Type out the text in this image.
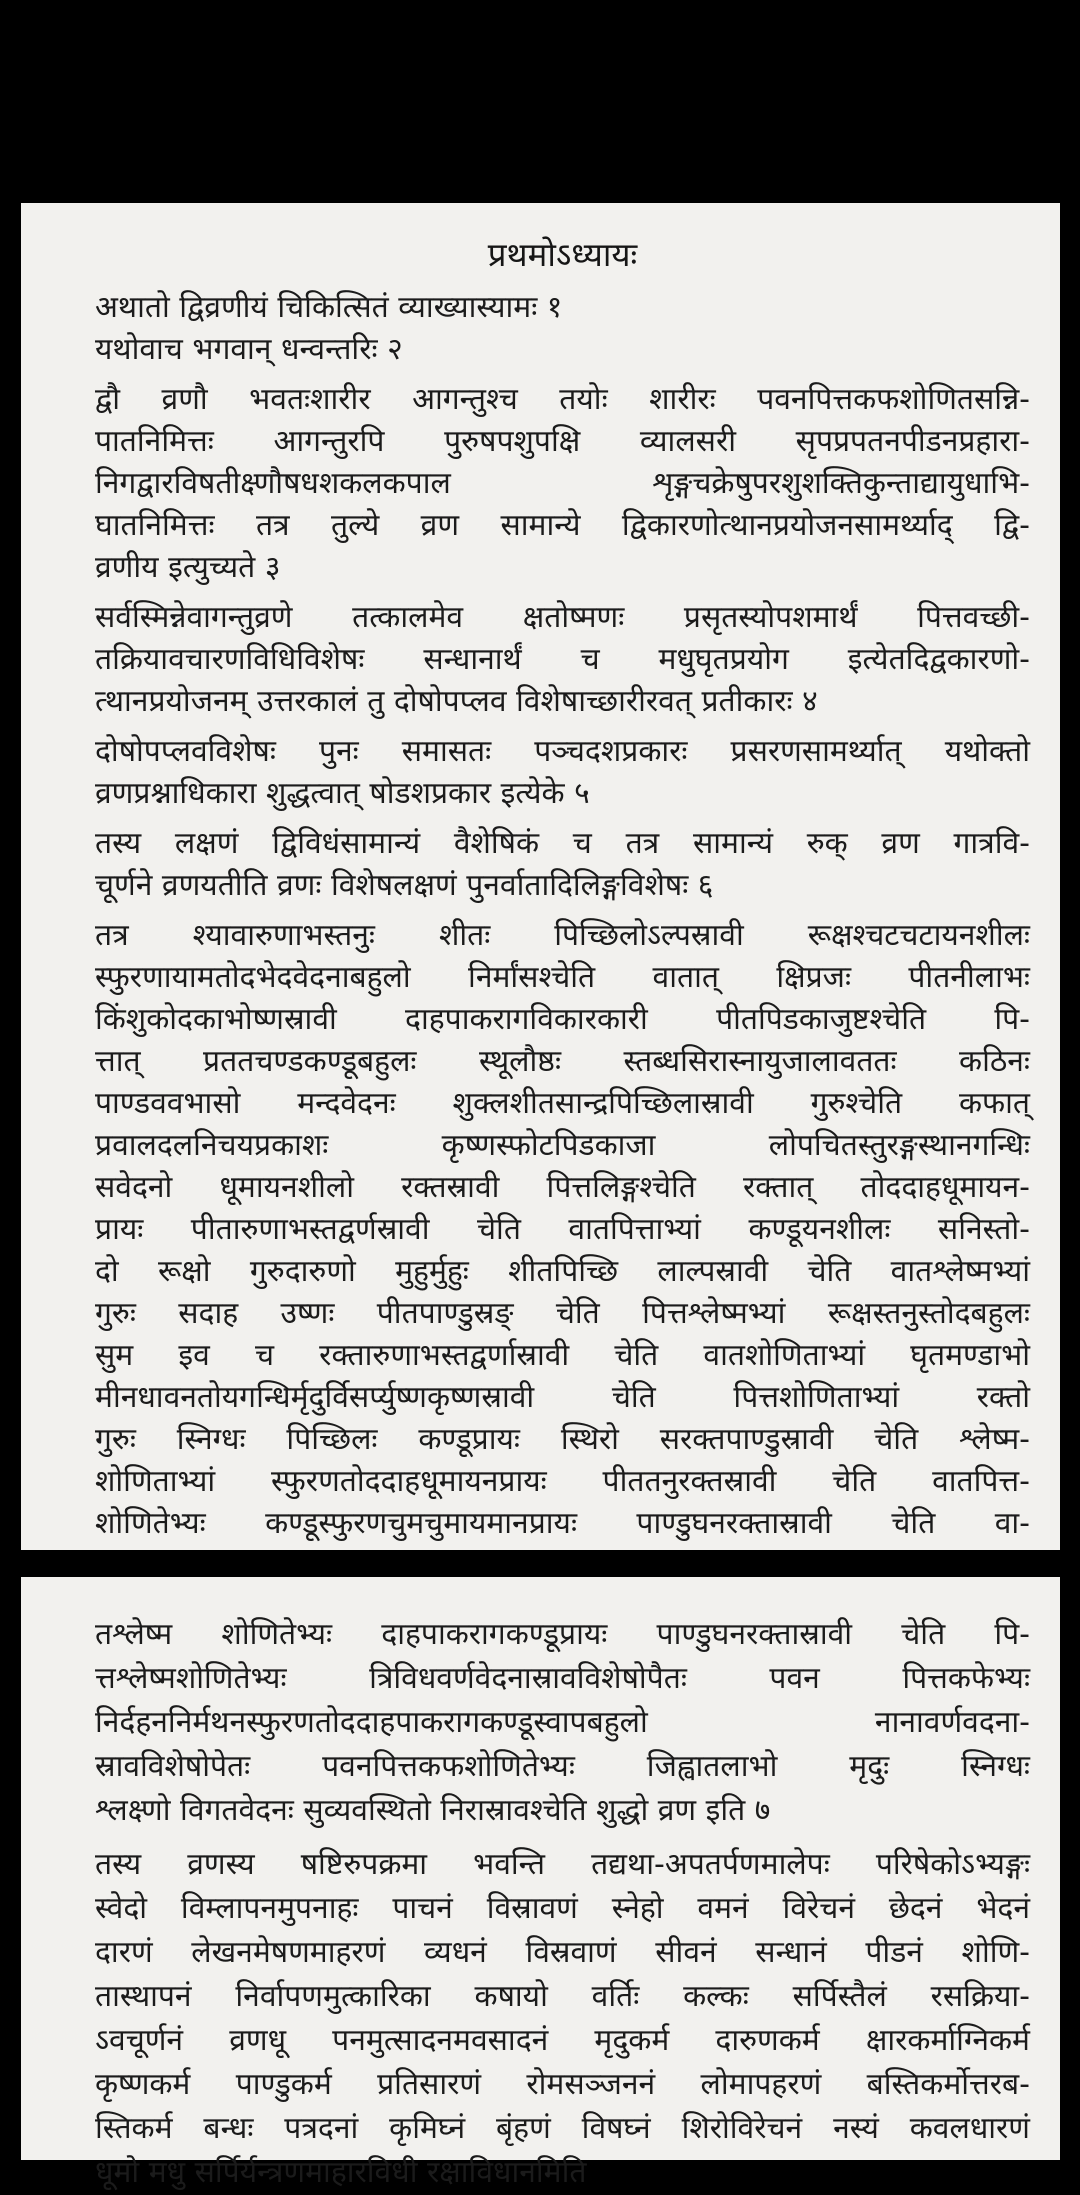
प्रथमोऽध्यायः
अथातो द्विव्रणीयं चिकित्सितं व्याख्यास्यामः १
यथोवाच भगवान् धन्वन्तरिः २
द्वौ व्रणौ भवतःशारीर आगन्तुश्च तयोः शारीरः पवनपित्तकफशोणितसन्नि-
पातनिमित्तः आगन्तुरपि पुरुषपशुपक्षि व्यालसरी सृपप्रपतनपीडनप्रहारा-
निगद्वारविषतीक्ष्णौषधशकलकपाल शृङ्गचक्रेषुपरशुशक्तिकुन्ताद्यायुधाभि-
घातनिमित्तः तत्र तुल्ये व्रण सामान्ये द्विकारणोत्थानप्रयोजनसामर्थ्याद् द्वि-
व्रणीय इत्युच्यते ३
सर्वस्मिन्नेवागन्तुव्रणे तत्कालमेव क्षतोष्मणः प्रसृतस्योपशमार्थं पित्तवच्छी-
तक्रियावचारणविधिविशेषः सन्धानार्थं च मधुघृतप्रयोग इत्येतदिद्वकारणो-
त्थानप्रयोजनम् उत्तरकालं तु दोषोपप्लव विशेषाच्छारीरवत् प्रतीकारः ४
दोषोपप्लवविशेषः पुनः समासतः पञ्चदशप्रकारः प्रसरणसामर्थ्यात् यथोक्तो
व्रणप्रश्नाधिकारा शुद्धत्वात् षोडशप्रकार इत्येके ५
तस्य लक्षणं द्विविधंसामान्यं वैशेषिकं च तत्र सामान्यं रुक् व्रण गात्रवि-
चूर्णने व्रणयतीति व्रणः विशेषलक्षणं पुनर्वातादिलिङ्गविशेषः ६
तत्र श्यावारुणाभस्तनुः शीतः पिच्छिलोऽल्पस्रावी रूक्षश्चटचटायनशीलः
स्फुरणायामतोदभेदवेदनाबहुलो निर्मांसश्चेति वातात् क्षिप्रजः पीतनीलाभः
किंशुकोदकाभोष्णस्रावी दाहपाकरागविकारकारी पीतपिडकाजुष्टश्चेति पि-
त्तात् प्रततचण्डकण्डूबहुलः स्थूलौष्ठः स्तब्धसिरास्नायुजालावततः कठिनः
पाण्डववभासो मन्दवेदनः शुक्लशीतसान्द्रपिच्छिलास्रावी गुरुश्चेति कफात्
प्रवालदलनिचयप्रकाशः कृष्णस्फोटपिडकाजा लोपचितस्तुरङ्गस्थानगन्धिः
सवेदनो धूमायनशीलो रक्तस्रावी पित्तलिङ्गश्चेति रक्तात् तोददाहधूमायन-
प्रायः पीतारुणाभस्तद्वर्णस्रावी चेति वातपित्ताभ्यां कण्डूयनशीलः सनिस्तो-
दो रूक्षो गुरुदारुणो मुहुर्मुहुः शीतपिच्छि लाल्पस्रावी चेति वातश्लेष्मभ्यां
गुरुः सदाह उष्णः पीतपाण्डुस्रङ् चेति पित्तश्लेष्मभ्यां रूक्षस्तनुस्तोदबहुलः
सुम इव च रक्तारुणाभस्तद्वर्णास्रावी चेति वातशोणिताभ्यां घृतमण्डाभो
मीनधावनतोयगन्धिर्मृदुर्विसर्प्युष्णकृष्णस्रावी चेति पित्तशोणिताभ्यां रक्तो
गुरुः स्निग्धः पिच्छिलः कण्डूप्रायः स्थिरो सरक्तपाण्डुस्रावी चेति श्लेष्म-
शोणिताभ्यां स्फुरणतोददाहधूमायनप्रायः पीततनुरक्तस्रावी चेति वातपित्त-
शोणितेभ्यः कण्डूस्फुरणचुमचुमायमानप्रायः पाण्डुघनरक्तास्रावी चेति वा-
तश्लेष्म शोणितेभ्यः दाहपाकरागकण्डूप्रायः पाण्डुघनरक्तास्रावी चेति पि-
त्तश्लेष्मशोणितेभ्यः त्रिविधवर्णवेदनास्रावविशेषोपैतः पवन पित्तकफेभ्यः
निर्दहननिर्मथनस्फुरणतोददाहपाकरागकण्डूस्वापबहुलो नानावर्णवदना-
स्रावविशेषोपेतः पवनपित्तकफशोणितेभ्यः जिह्वातलाभो मृदुः स्निग्धः
श्लक्ष्णो विगतवेदनः सुव्यवस्थितो निरास्रावश्चेति शुद्धो व्रण इति ७
तस्य व्रणस्य षष्टिरुपक्रमा भवन्ति तद्यथा-अपतर्पणमालेपः परिषेकोऽभ्यङ्गः
स्वेदो विम्लापनमुपनाहः पाचनं विस्रावणं स्नेहो वमनं विरेचनं छेदनं भेदनं
दारणं लेखनमेषणमाहरणं व्यधनं विस्रवाणं सीवनं सन्धानं पीडनं शोणि-
तास्थापनं निर्वापणमुत्कारिका कषायो वर्तिः कल्कः सर्पिस्तैलं रसक्रिया-
ऽवचूर्णनं व्रणधू पनमुत्सादनमवसादनं मृदुकर्म दारुणकर्म क्षारकर्माग्निकर्म
कृष्णकर्म पाण्डुकर्म प्रतिसारणं रोमसञ्जननं लोमापहरणं बस्तिकर्मोत्तरब-
स्तिकर्म बन्धः पत्रदनां कृमिघ्नं बृंहणं विषघ्नं शिरोविरेचनं नस्यं कवलधारणं
धूमो मधु सर्पिर्यन्त्रणमाहारविधी रक्षाविधानमिति
